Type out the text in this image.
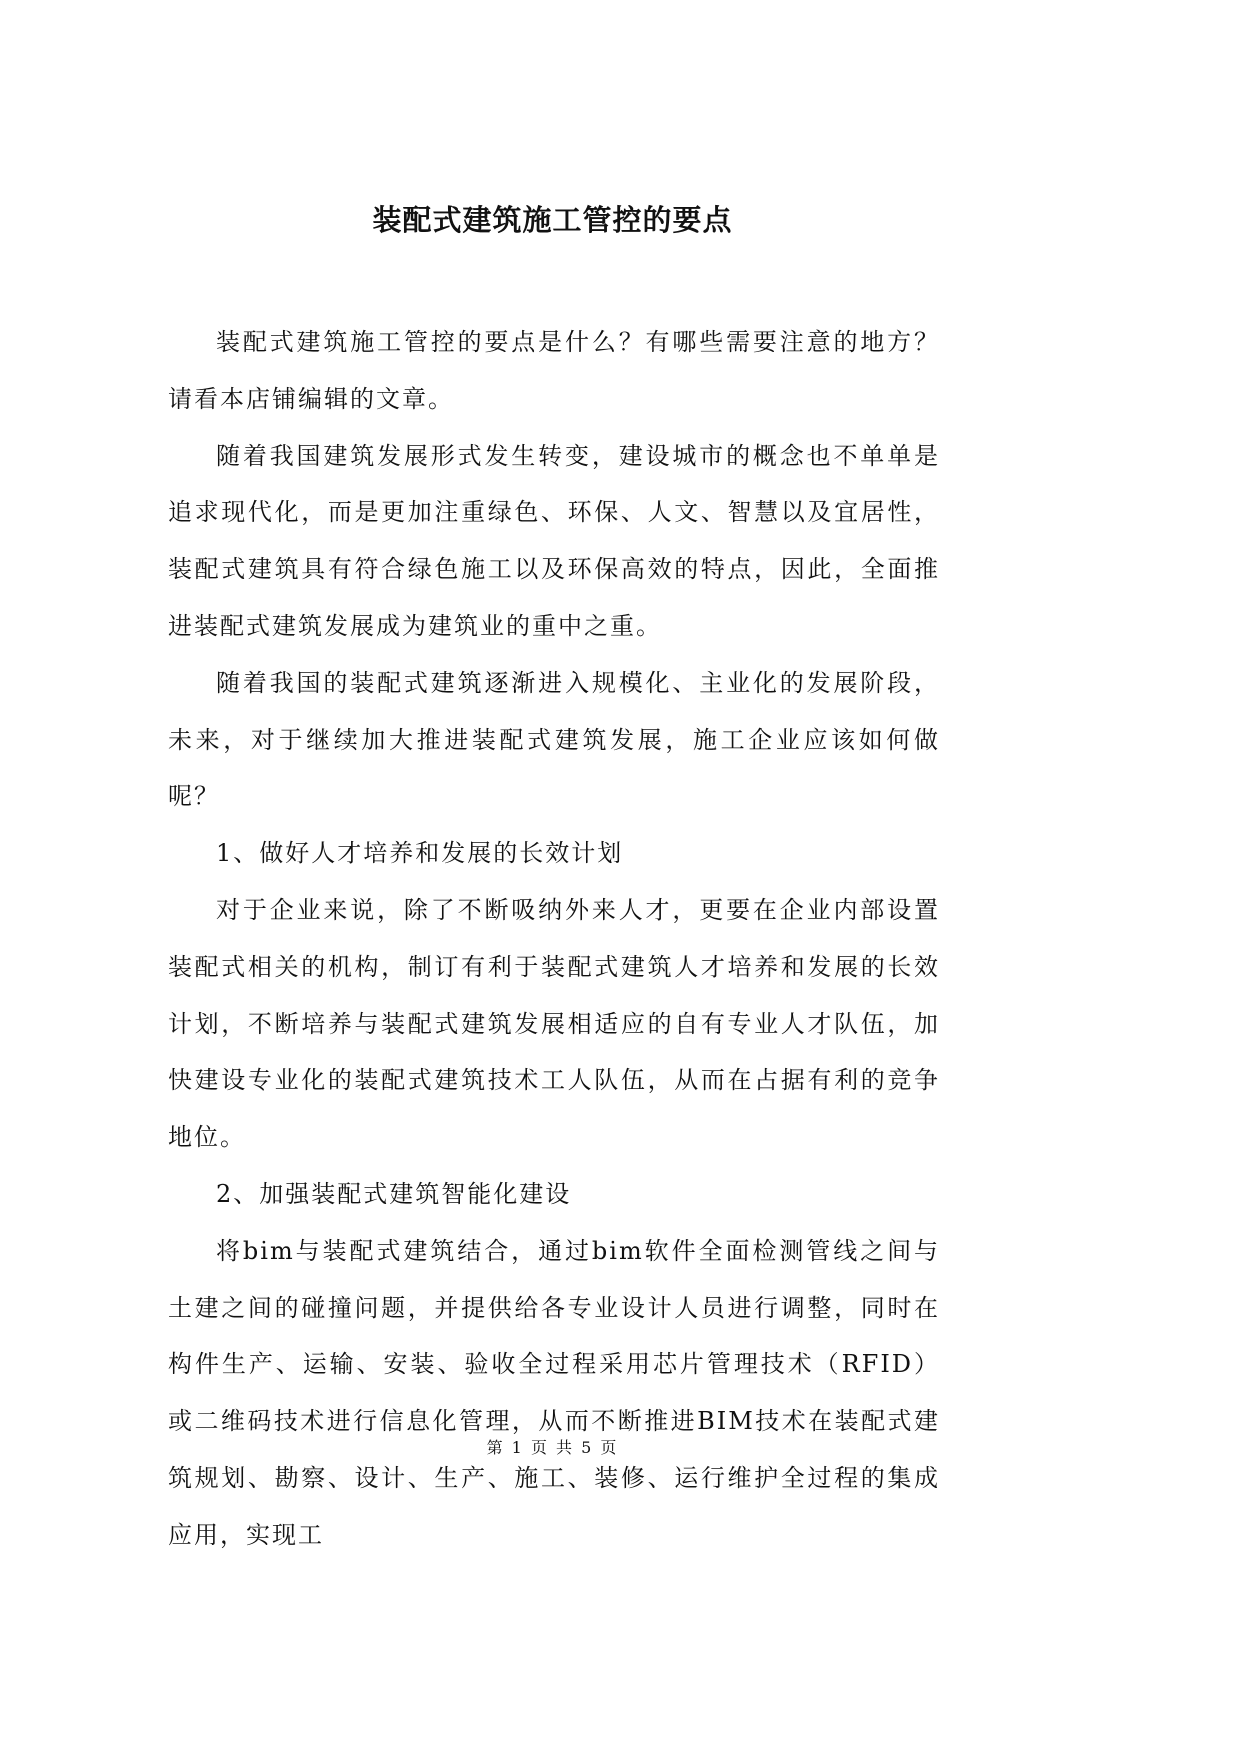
装配式建筑施工管控的要点

装配式建筑施工管控的要点是什么？有哪些需要注意的地方？请看本店铺编辑的文章。

随着我国建筑发展形式发生转变，建设城市的概念也不单单是追求现代化，而是更加注重绿色、环保、人文、智慧以及宜居性，装配式建筑具有符合绿色施工以及环保高效的特点，因此，全面推进装配式建筑发展成为建筑业的重中之重。

随着我国的装配式建筑逐渐进入规模化、主业化的发展阶段，未来，对于继续加大推进装配式建筑发展，施工企业应该如何做呢？

1、做好人才培养和发展的长效计划

对于企业来说，除了不断吸纳外来人才，更要在企业内部设置装配式相关的机构，制订有利于装配式建筑人才培养和发展的长效计划，不断培养与装配式建筑发展相适应的自有专业人才队伍，加快建设专业化的装配式建筑技术工人队伍，从而在占据有利的竞争地位。

2、加强装配式建筑智能化建设

将bim与装配式建筑结合，通过bim软件全面检测管线之间与土建之间的碰撞问题，并提供给各专业设计人员进行调整，同时在构件生产、运输、安装、验收全过程采用芯片管理技术（RFID）或二维码技术进行信息化管理，从而不断推进BIM技术在装配式建筑规划、勘察、设计、生产、施工、装修、运行维护全过程的集成应用，实现工

第 1 页 共 5 页
